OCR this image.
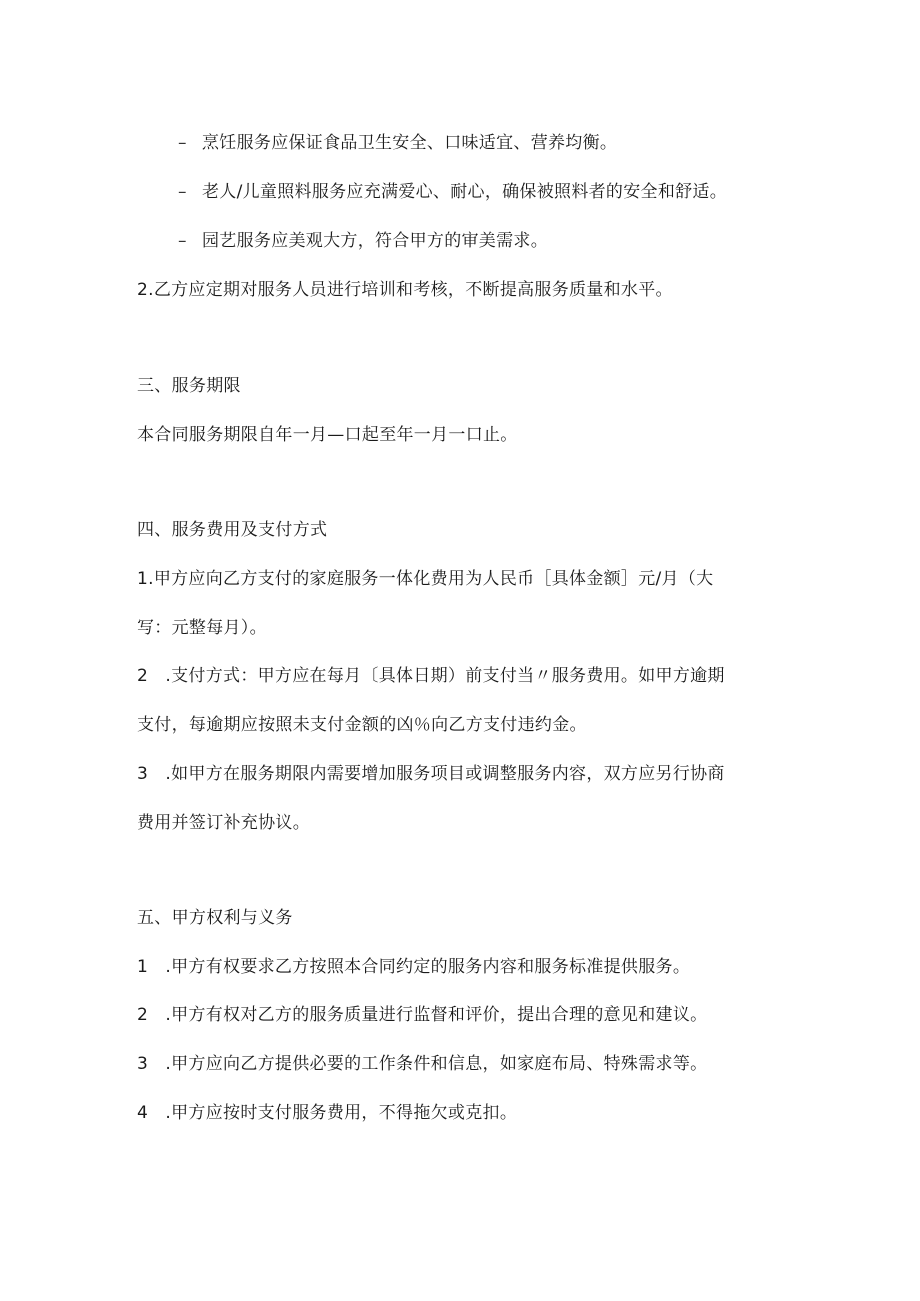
– 烹饪服务应保证食品卫生安全、口味适宜、营养均衡。
– 老人/儿童照料服务应充满爱心、耐心，确保被照料者的安全和舒适。
– 园艺服务应美观大方，符合甲方的审美需求。
2.乙方应定期对服务人员进行培训和考核，不断提高服务质量和水平。
三、服务期限
本合同服务期限自年一月—口起至年一月一口止。
四、服务费用及支付方式
1.甲方应向乙方支付的家庭服务一体化费用为人民币［具体金额］元/月（大
写：元整每月）。
2　.支付方式：甲方应在每月〔具体日期）前支付当〃服务费用。如甲方逾期
支付，每逾期应按照未支付金额的凶％向乙方支付违约金。
3　.如甲方在服务期限内需要增加服务项目或调整服务内容，双方应另行协商
费用并签订补充协议。
五、甲方权利与义务
1　.甲方有权要求乙方按照本合同约定的服务内容和服务标准提供服务。
2　.甲方有权对乙方的服务质量进行监督和评价，提出合理的意见和建议。
3　.甲方应向乙方提供必要的工作条件和信息，如家庭布局、特殊需求等。
4　.甲方应按时支付服务费用，不得拖欠或克扣。
